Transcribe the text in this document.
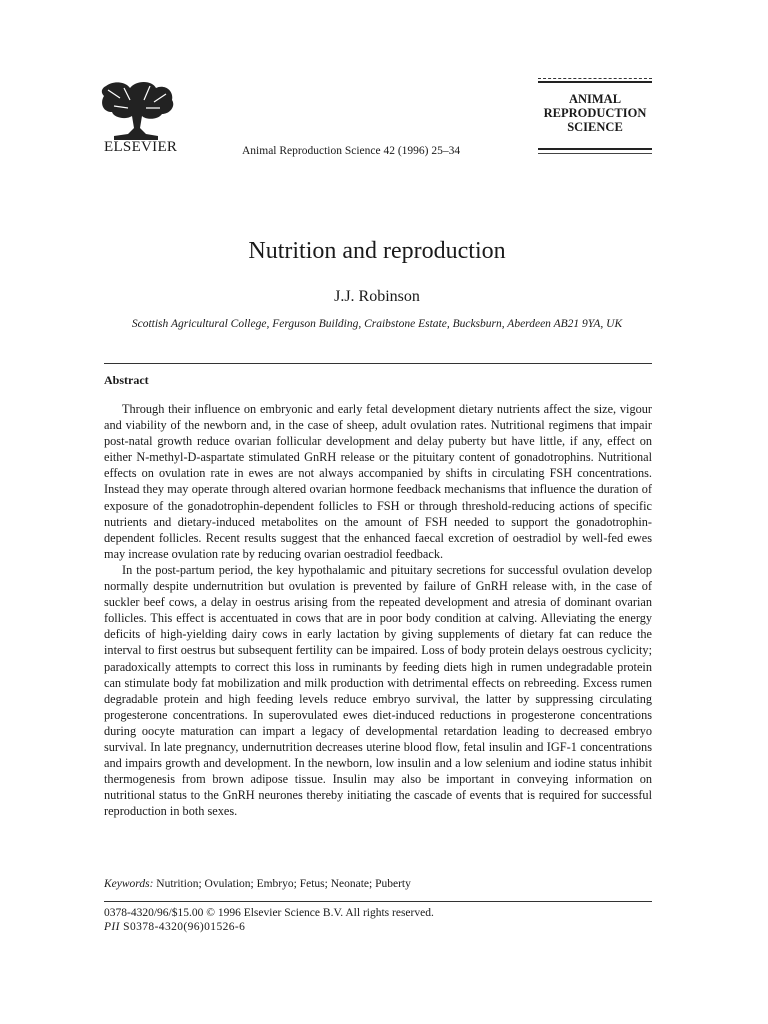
ELSEVIER	Animal Reproduction Science 42 (1996) 25–34
ANIMAL REPRODUCTION SCIENCE
Nutrition and reproduction
J.J. Robinson
Scottish Agricultural College, Ferguson Building, Craibstone Estate, Bucksburn, Aberdeen AB21 9YA, UK
Abstract

Through their influence on embryonic and early fetal development dietary nutrients affect the size, vigour and viability of the newborn and, in the case of sheep, adult ovulation rates. Nutritional regimens that impair post-natal growth reduce ovarian follicular development and delay puberty but have little, if any, effect on either N-methyl-D-aspartate stimulated GnRH release or the pituitary content of gonadotrophins. Nutritional effects on ovulation rate in ewes are not always accompanied by shifts in circulating FSH concentrations. Instead they may operate through altered ovarian hormone feedback mechanisms that influence the duration of exposure of the gonadotrophin-dependent follicles to FSH or through threshold-reducing actions of specific nutrients and dietary-induced metabolites on the amount of FSH needed to support the gonadotrophin-dependent follicles. Recent results suggest that the enhanced faecal excretion of oestradiol by well-fed ewes may increase ovulation rate by reducing ovarian oestradiol feedback.

In the post-partum period, the key hypothalamic and pituitary secretions for successful ovulation develop normally despite undernutrition but ovulation is prevented by failure of GnRH release with, in the case of suckler beef cows, a delay in oestrus arising from the repeated development and atresia of dominant ovarian follicles. This effect is accentuated in cows that are in poor body condition at calving. Alleviating the energy deficits of high-yielding dairy cows in early lactation by giving supplements of dietary fat can reduce the interval to first oestrus but subsequent fertility can be impaired. Loss of body protein delays oestrous cyclicity; paradoxically attempts to correct this loss in ruminants by feeding diets high in rumen undegradable protein can stimulate body fat mobilization and milk production with detrimental effects on rebreeding. Excess rumen degradable protein and high feeding levels reduce embryo survival, the latter by suppressing circulating progesterone concentrations. In superovulated ewes diet-induced reductions in progesterone concentrations during oocyte maturation can impart a legacy of developmental retardation leading to decreased embryo survival. In late pregnancy, undernutrition decreases uterine blood flow, fetal insulin and IGF-1 concentrations and impairs growth and development. In the newborn, low insulin and a low selenium and iodine status inhibit thermogenesis from brown adipose tissue. Insulin may also be important in conveying information on nutritional status to the GnRH neurones thereby initiating the cascade of events that is required for successful reproduction in both sexes.

Keywords: Nutrition; Ovulation; Embryo; Fetus; Neonate; Puberty
0378-4320/96/$15.00 © 1996 Elsevier Science B.V. All rights reserved.
PII S0378-4320(96)01526-6
